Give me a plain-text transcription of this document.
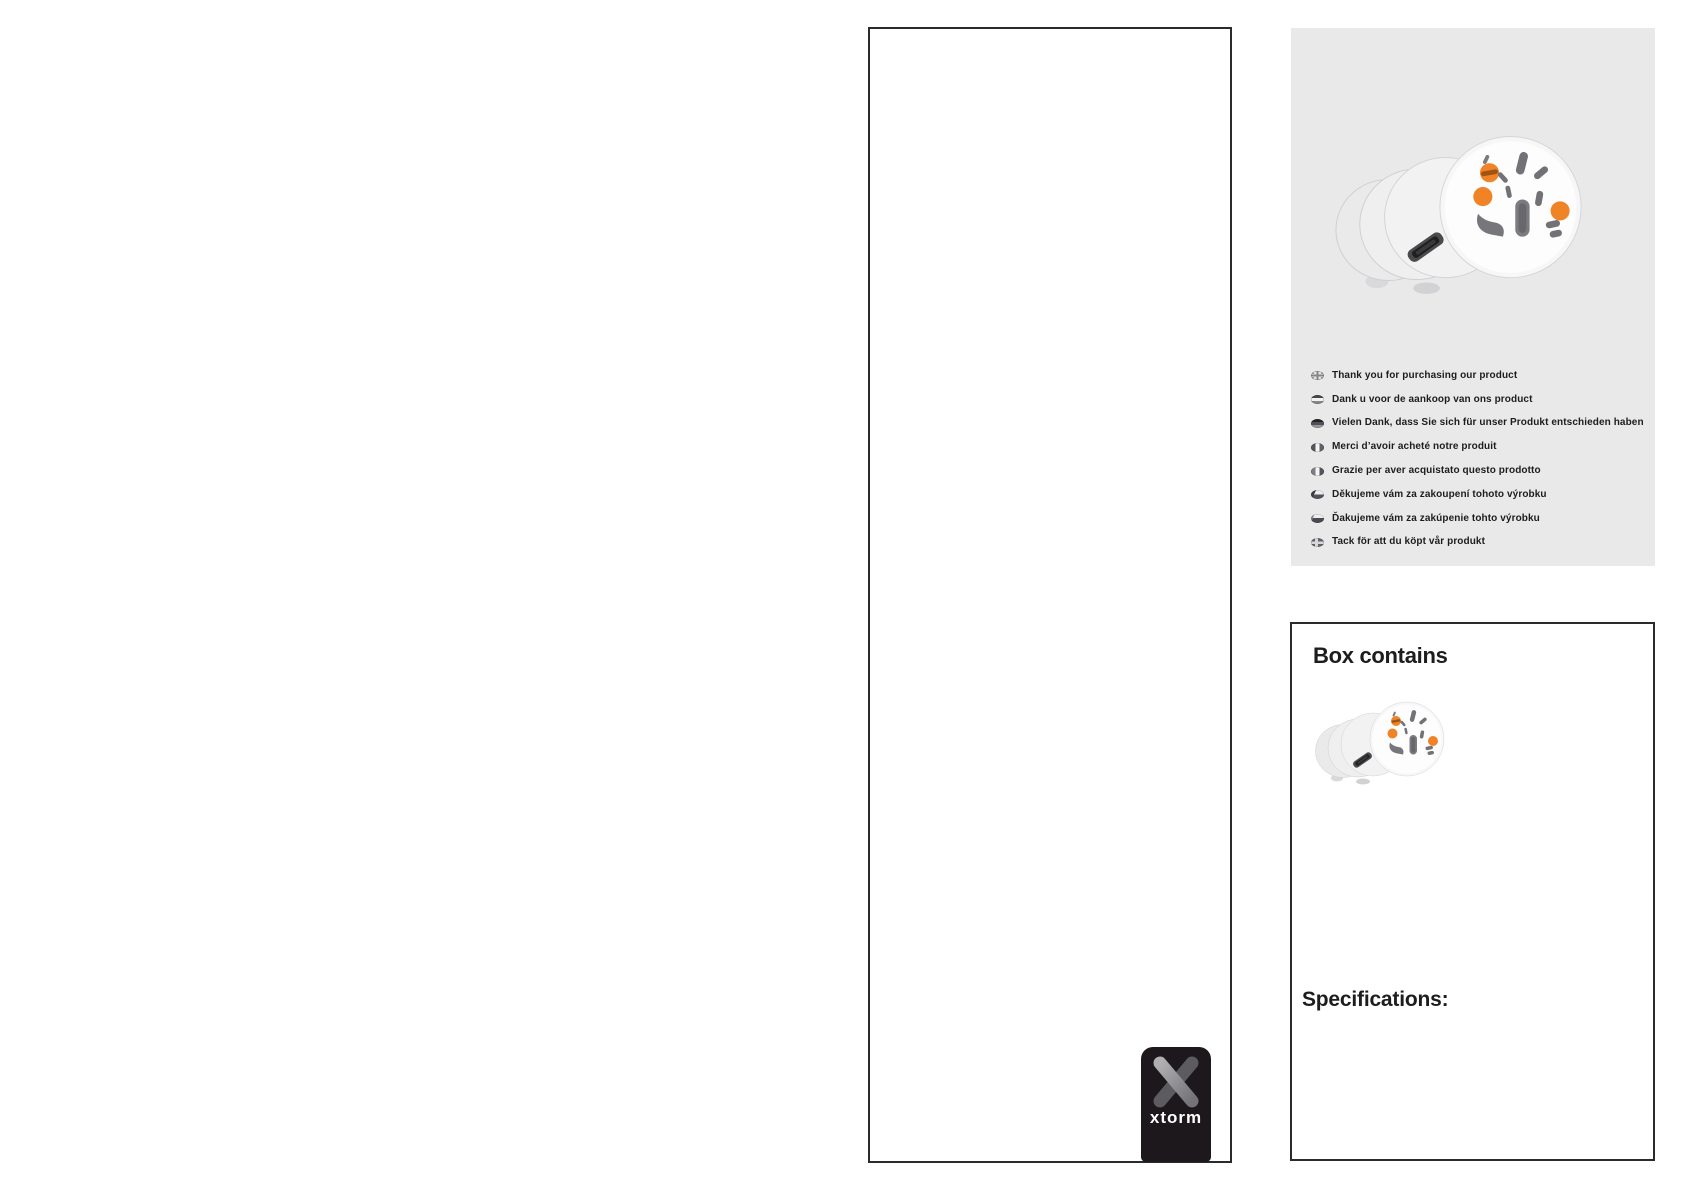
xtorm
Thank you for purchasing our product
Dank u voor de aankoop van ons product
Vielen Dank, dass Sie sich für unser Produkt entschieden haben
Merci d’avoir acheté notre produit
Grazie per aver acquistato questo prodotto
Děkujeme vám za zakoupení tohoto výrobku
Ďakujeme vám za zakúpenie tohto výrobku
Tack för att du köpt vår produkt
Box contains
Specifications:
